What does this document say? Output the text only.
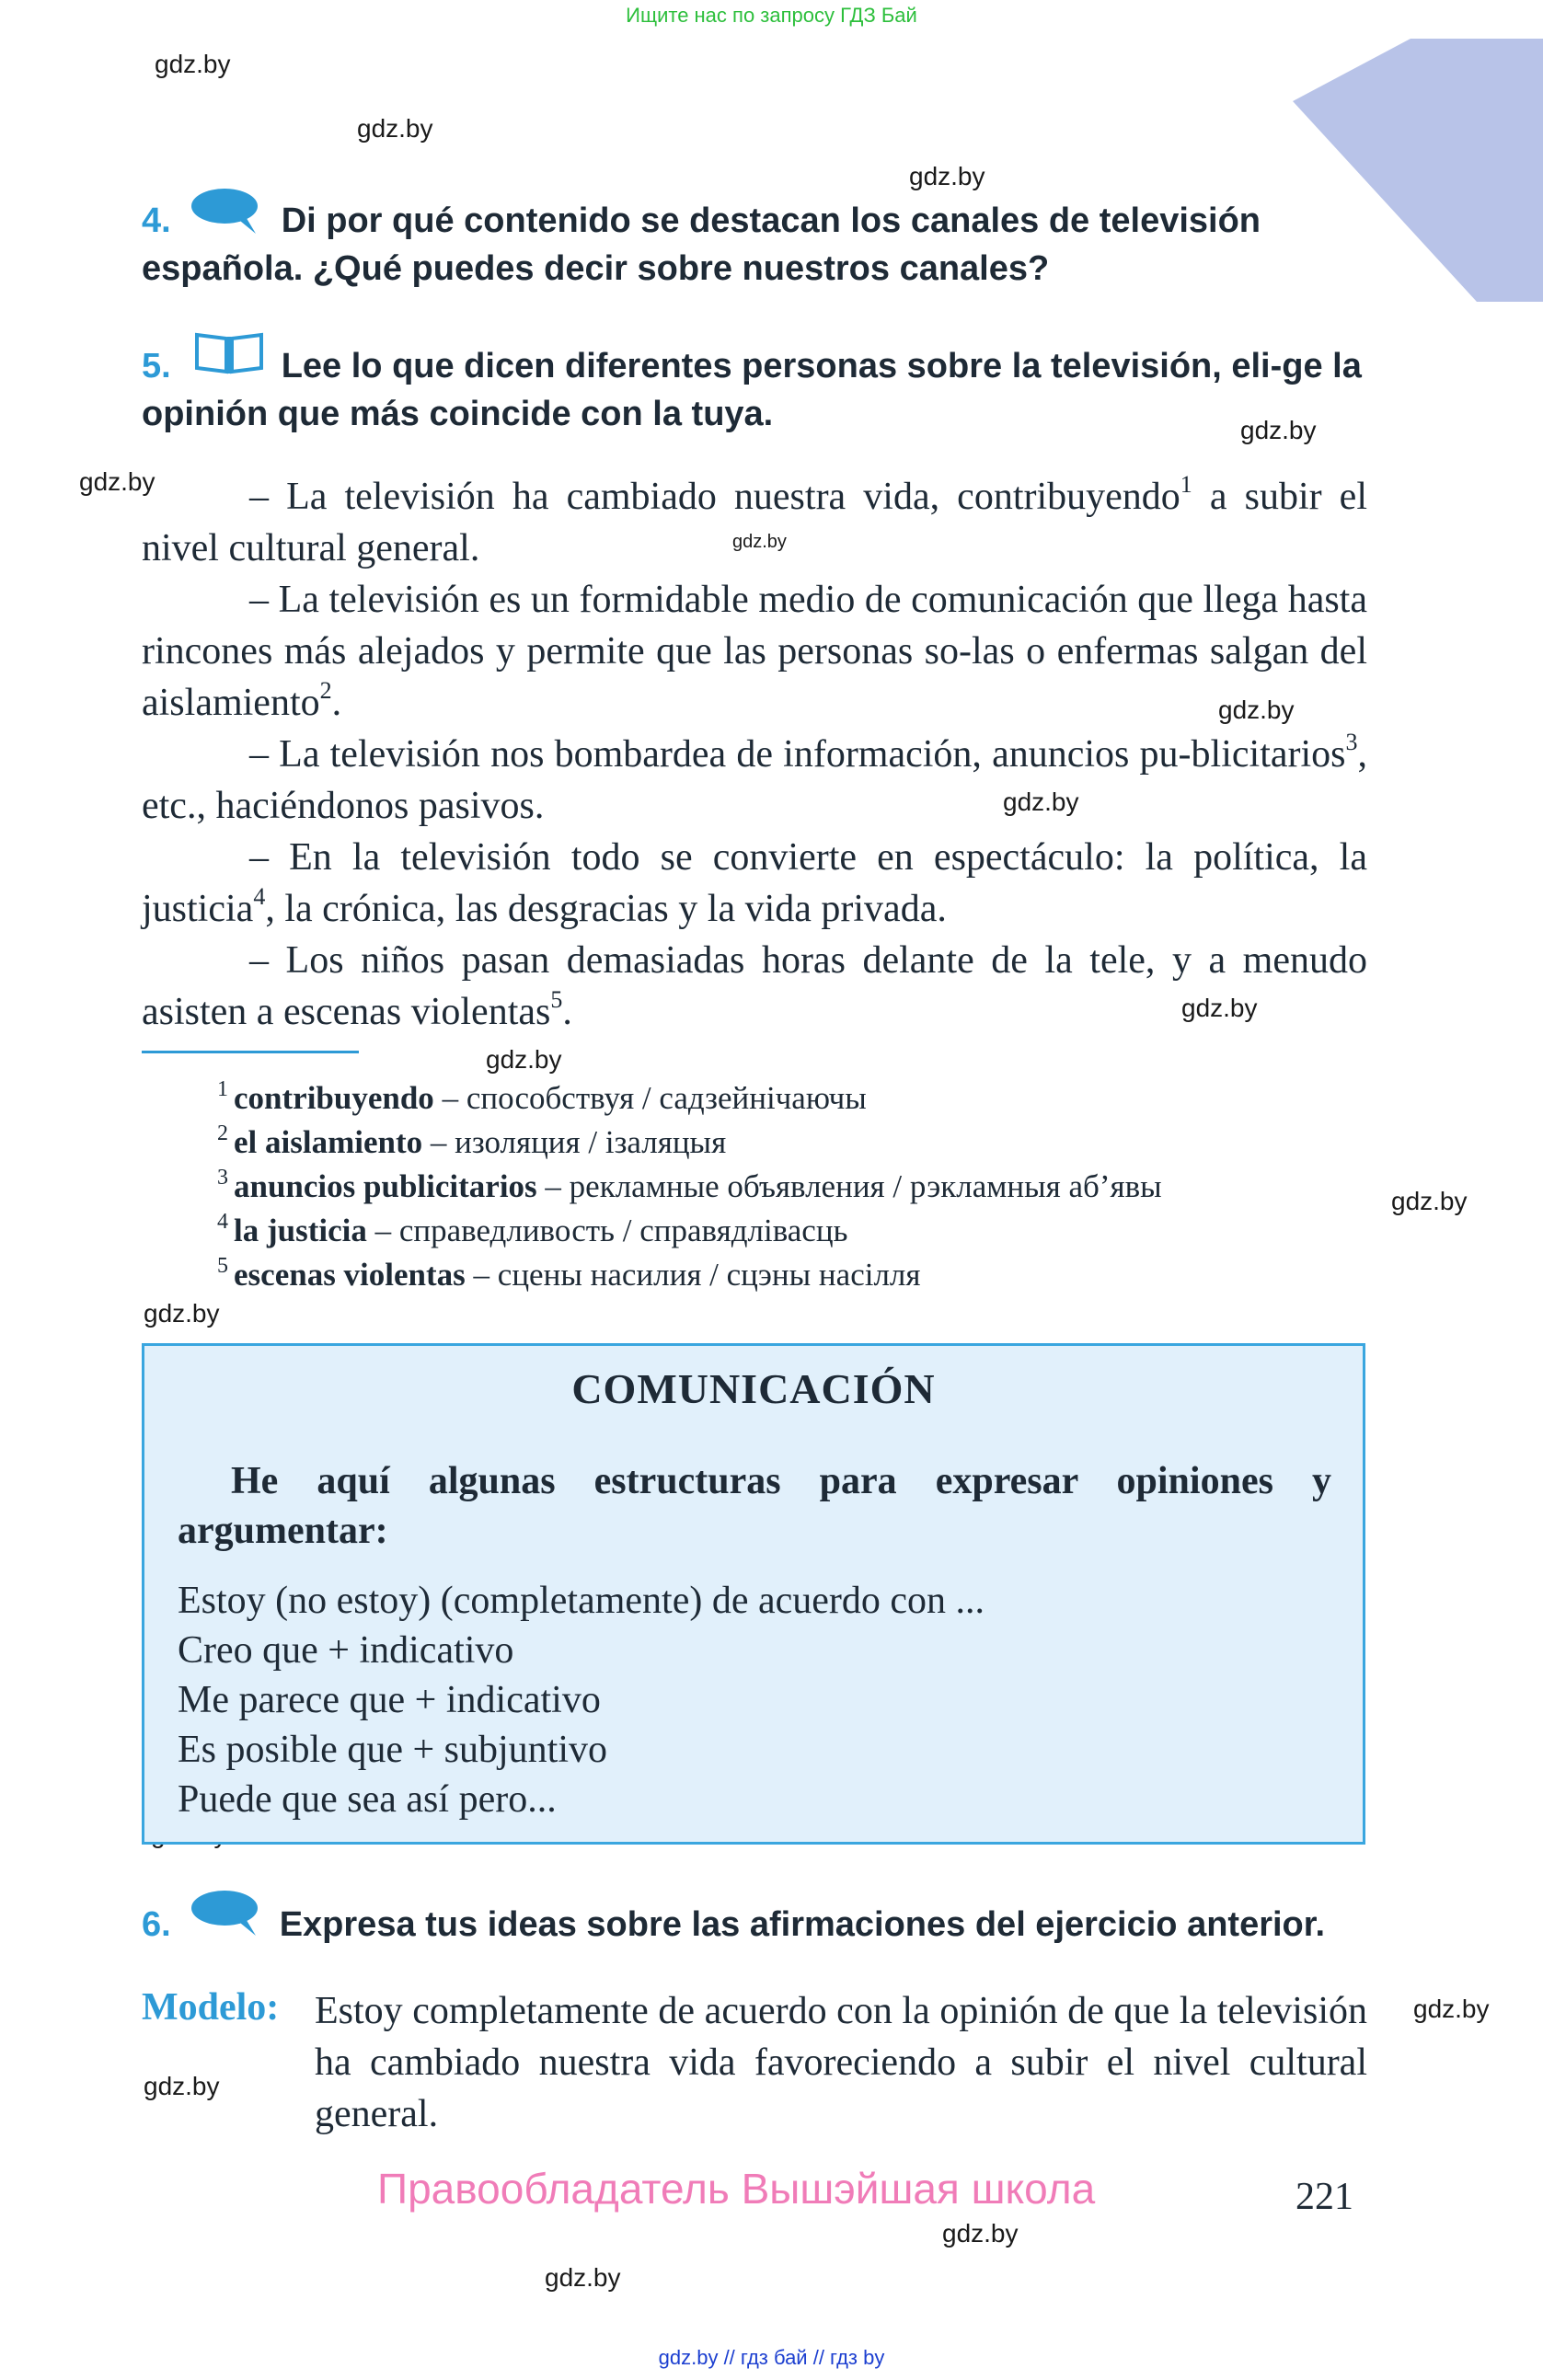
Ищите нас по запросу ГДЗ Бай
gdz.by
gdz.by
gdz.by
gdz.by
gdz.by
gdz.by
gdz.by
gdz.by
gdz.by
gdz.by
gdz.by
gdz.by
gdz.by
gdz.by
gdz.by
gdz.by
4.	Di por qué contenido se destacan los canales de televisión española. ¿Qué puedes decir sobre nuestros canales?
5.	Lee lo que dicen diferentes personas sobre la televisión, eli-ge la opinión que más coincide con la tuya.
– La televisión ha cambiado nuestra vida, contribuyendo$^1$ a subir el nivel cultural general.
– La televisión es un formidable medio de comunicación que llega hasta rincones más alejados y permite que las personas so-las o enfermas salgan del aislamiento$^2$.
– La televisión nos bombardea de información, anuncios pu-blicitarios$^3$, etc., haciéndonos pasivos.
– En la televisión todo se convierte en espectáculo: la política, la justicia$^4$, la crónica, las desgracias y la vida privada.
– Los niños pasan demasiadas horas delante de la tele, y a menudo asisten a escenas violentas$^5$.
$^1$ contribuyendo – способствуя / садзейнічаючы
$^2$ el aislamiento – изоляция / ізаляцыя
$^3$ anuncios publicitarios – рекламные объявления / рэкламныя аб’явы
$^4$ la justicia – справедливость / справядлівасць
$^5$ escenas violentas – сцены насилия / сцэны насілля
COMUNICACIÓN
He aquí algunas estructuras para expresar opiniones y argumentar:
Estoy (no estoy) (completamente) de acuerdo con ...
Creo que + indicativo
Me parece que + indicativo
Es posible que + subjuntivo
Puede que sea así pero...
6.	Expresa tus ideas sobre las afirmaciones del ejercicio anterior.
Modelo: Estoy completamente de acuerdo con la opinión de que la televisión ha cambiado nuestra vida favoreciendo a subir el nivel cultural general.
Правообладатель Вышэйшая школа	221
gdz.by // гдз бай // гдз by
